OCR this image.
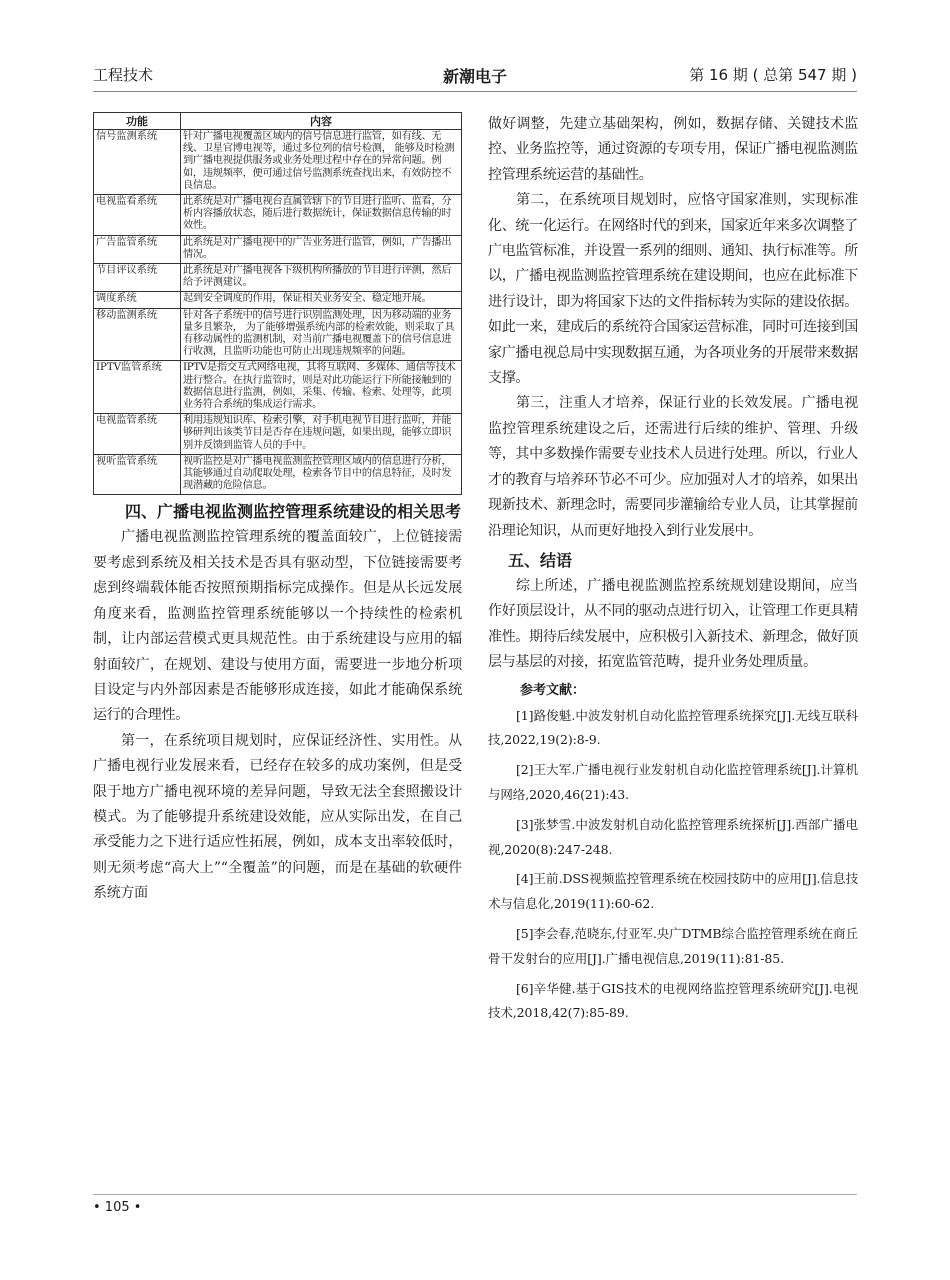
工程技术	新潮电子	第 16 期 ( 总第 547 期 )
功能	内容
信号监测系统	针对广播电视覆盖区域内的信号信息进行监管，如有线、无线、卫星官博电视等，通过多位列的信号检测， 能够及时检测到广播电视提供服务或业务处理过程中存在的异常问题。例如，违规频率，便可通过信号监测系统查找出来，有效防控不良信息。
电视监看系统	此系统是对广播电视台直属管辖下的节目进行监听、监看，分析内容播放状态，随后进行数据统计，保证数据信息传输的时效性。
广告监管系统	此系统是对广播电视中的广告业务进行监管，例如，广告播出情况。
节目评议系统	此系统是对广播电视各下级机构所播放的节目进行评测，然后给予评测建议。
调度系统	起到安全调度的作用，保证相关业务安全、稳定地开展。
移动监测系统	针对各子系统中的信号进行识别监测处理，因为移动端的业务量多且繁杂， 为了能够增强系统内部的检索效能，则采取了具有移动属性的监测机制，对当前广播电视覆盖下的信号信息进行收测，且监听功能也可防止出现违规频率的问题。
IPTV监管系统	IPTV是指交互式网络电视，其将互联网、多媒体、通信等技术进行整合。在执行监管时，则是对此功能运行下所能接触到的数据信息进行监测，例如，采集、传输、检索、处理等，此项业务符合系统的集成运行需求。
电视监管系统	利用违规知识库、检索引擎，对手机电视节目进行监听，并能够研判出该类节目是否存在违规问题，如果出现，能够立即识别并反馈到监管人员的手中。
视听监管系统	视听监控是对广播电视监测监控管理区域内的信息进行分析，其能够通过自动爬取处理，检索各节目中的信息特征，及时发现潜藏的危险信息。
四、广播电视监测监控管理系统建设的相关思考

广播电视监测监控管理系统的覆盖面较广，上位链接需要考虑到系统及相关技术是否具有驱动型，下位链接需要考虑到终端载体能否按照预期指标完成操作。但是从长远发展角度来看，监测监控管理系统能够以一个持续性的检索机制，让内部运营模式更具规范性。由于系统建设与应用的辐射面较广，在规划、建设与使用方面，需要进一步地分析项目设定与内外部因素是否能够形成连接，如此才能确保系统运行的合理性。

第一，在系统项目规划时，应保证经济性、实用性。从广播电视行业发展来看，已经存在较多的成功案例，但是受限于地方广播电视环境的差异问题，导致无法全套照搬设计模式。为了能够提升系统建设效能，应从实际出发，在自己承受能力之下进行适应性拓展，例如，成本支出率较低时，则无须考虑“高大上”“全覆盖”的问题，而是在基础的软硬件系统方面

做好调整，先建立基础架构，例如，数据存储、关键技术监控、业务监控等，通过资源的专项专用，保证广播电视监测监控管理系统运营的基础性。

第二，在系统项目规划时，应恪守国家准则，实现标准化、统一化运行。在网络时代的到来，国家近年来多次调整了广电监管标准，并设置一系列的细则、通知、执行标准等。所以，广播电视监测监控管理系统在建设期间，也应在此标准下进行设计，即为将国家下达的文件指标转为实际的建设依据。如此一来，建成后的系统符合国家运营标准，同时可连接到国家广播电视总局中实现数据互通，为各项业务的开展带来数据支撑。

第三，注重人才培养，保证行业的长效发展。广播电视监控管理系统建设之后，还需进行后续的维护、管理、升级等，其中多数操作需要专业技术人员进行处理。所以，行业人才的教育与培养环节必不可少。应加强对人才的培养，如果出现新技术、新理念时，需要同步灌输给专业人员，让其掌握前沿理论知识，从而更好地投入到行业发展中。

五、结语

综上所述，广播电视监测监控系统规划建设期间，应当作好顶层设计，从不同的驱动点进行切入，让管理工作更具精准性。期待后续发展中，应积极引入新技术、新理念，做好顶层与基层的对接，拓宽监管范畴，提升业务处理质量。

参考文献：

[1]路俊魁.中波发射机自动化监控管理系统探究[J].无线互联科技,2022,19(2):8-9.

[2]王大军.广播电视行业发射机自动化监控管理系统[J].计算机与网络,2020,46(21):43.

[3]张梦雪.中波发射机自动化监控管理系统探析[J].西部广播电视,2020(8):247-248.

[4]王前.DSS视频监控管理系统在校园技防中的应用[J].信息技术与信息化,2019(11):60-62.

[5]李会春,范晓东,付亚军.央广DTMB综合监控管理系统在商丘骨干发射台的应用[J].广播电视信息,2019(11):81-85.

[6]辛华健.基于GIS技术的电视网络监控管理系统研究[J].电视技术,2018,42(7):85-89.

• 105 •
